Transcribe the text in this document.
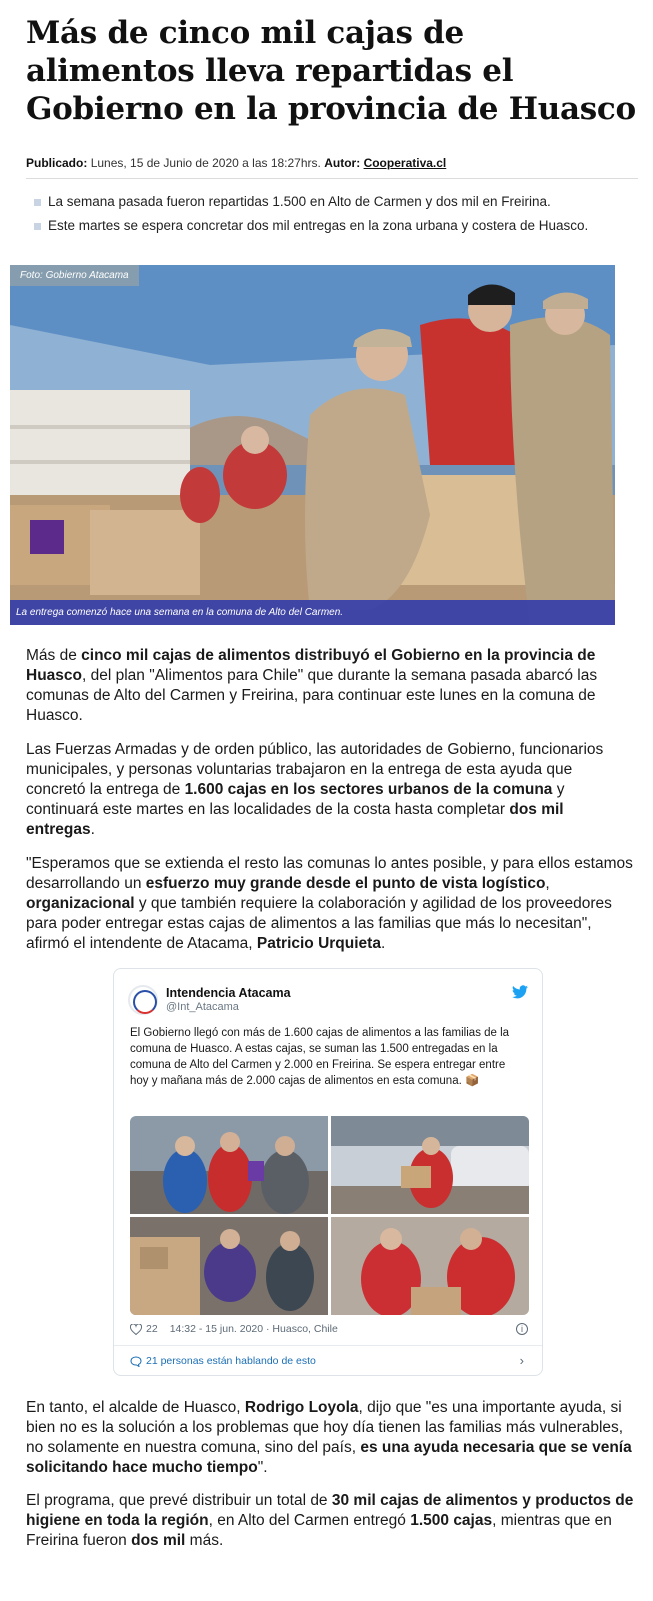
Más de cinco mil cajas de alimentos lleva repartidas el Gobierno en la provincia de Huasco
Publicado: Lunes, 15 de Junio de 2020 a las 18:27hrs. Autor: Cooperativa.cl
La semana pasada fueron repartidas 1.500 en Alto de Carmen y dos mil en Freirina.
Este martes se espera concretar dos mil entregas en la zona urbana y costera de Huasco.
Foto: Gobierno Atacama
La entrega comenzó hace una semana en la comuna de Alto del Carmen.

Más de cinco mil cajas de alimentos distribuyó el Gobierno en la provincia de Huasco, del plan "Alimentos para Chile" que durante la semana pasada abarcó las comunas de Alto del Carmen y Freirina, para continuar este lunes en la comuna de Huasco.

Las Fuerzas Armadas y de orden público, las autoridades de Gobierno, funcionarios municipales, y personas voluntarias trabajaron en la entrega de esta ayuda que concretó la entrega de 1.600 cajas en los sectores urbanos de la comuna y continuará este martes en las localidades de la costa hasta completar dos mil entregas.

"Esperamos que se extienda el resto las comunas lo antes posible, y para ellos estamos desarrollando un esfuerzo muy grande desde el punto de vista logístico, organizacional y que también requiere la colaboración y agilidad de los proveedores para poder entregar estas cajas de alimentos a las familias que más lo necesitan", afirmó el intendente de Atacama, Patricio Urquieta.

Intendencia Atacama
@Int_Atacama
El Gobierno llegó con más de 1.600 cajas de alimentos a las familias de la comuna de Huasco. A estas cajas, se suman las 1.500 entregadas en la comuna de Alto del Carmen y 2.000 en Freirina. Se espera entregar entre hoy y mañana más de 2.000 cajas de alimentos en esta comuna. 📦
22 14:32 - 15 jun. 2020 · Huasco, Chile	i
21 personas están hablando de esto	›

En tanto, el alcalde de Huasco, Rodrigo Loyola, dijo que "es una importante ayuda, si bien no es la solución a los problemas que hoy día tienen las familias más vulnerables, no solamente en nuestra comuna, sino del país, es una ayuda necesaria que se venía solicitando hace mucho tiempo".

El programa, que prevé distribuir un total de 30 mil cajas de alimentos y productos de higiene en toda la región, en Alto del Carmen entregó 1.500 cajas, mientras que en Freirina fueron dos mil más.
